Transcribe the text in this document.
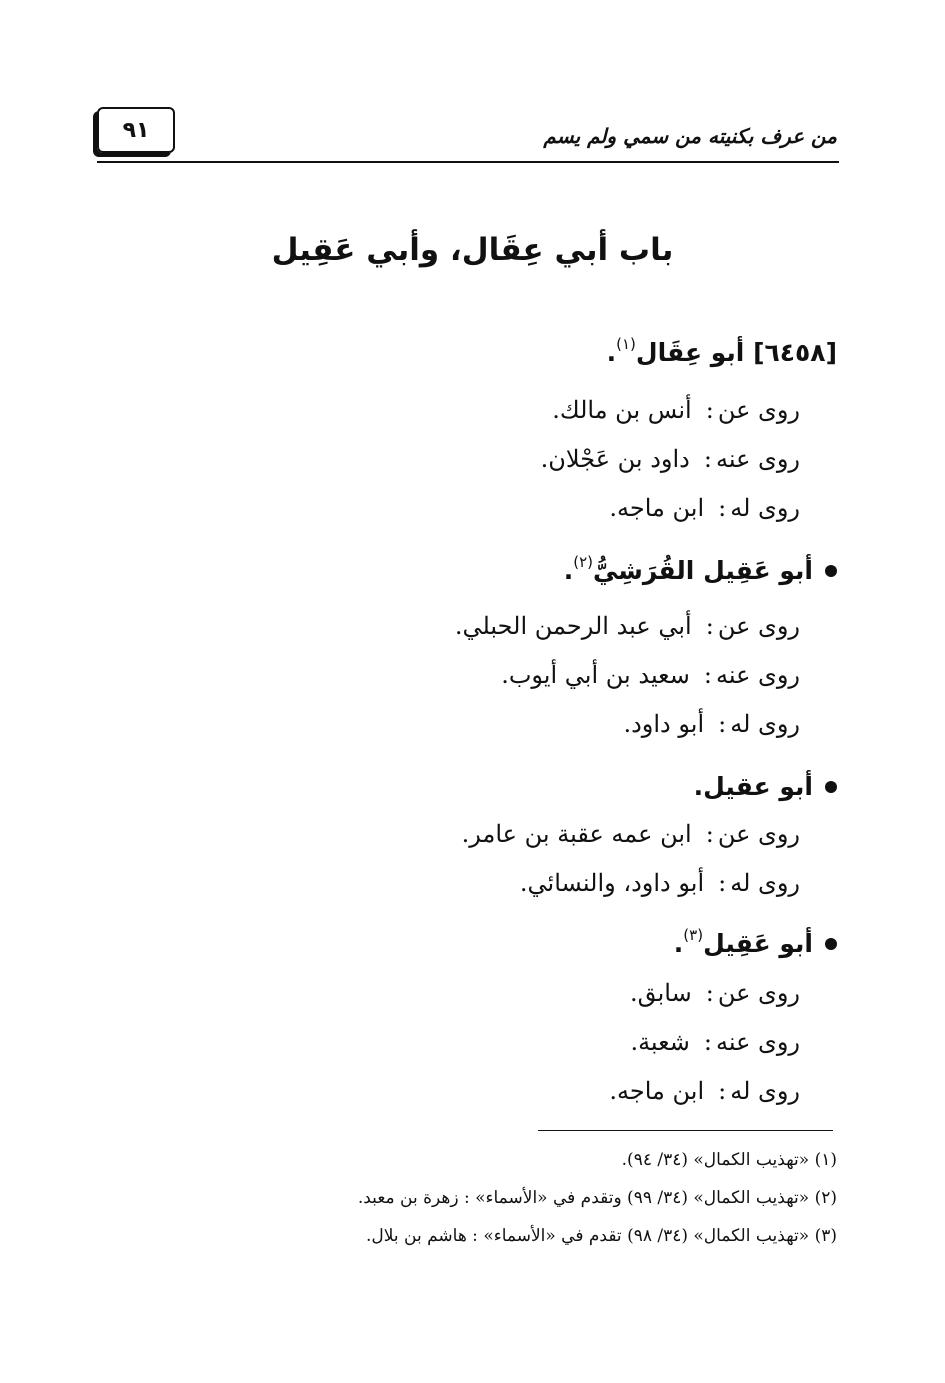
٩١	من عرف بكنيته من سمي ولم يسم
باب أبي عِقَال، وأبي عَقِيل
[٦٤٥٨] أبو عِقَال$^{(١)}$.
روى عن:أنس بن مالك.
روى عنه:داود بن عَجْلان.
روى له:ابن ماجه.
أبو عَقِيل القُرَشِيُّ$^{(٢)}$.
روى عن:أبي عبد الرحمن الحبلي.
روى عنه:سعيد بن أبي أيوب.
روى له:أبو داود.
أبو عقيل.
روى عن:ابن عمه عقبة بن عامر.
روى له:أبو داود، والنسائي.
أبو عَقِيل$^{(٣)}$.
روى عن:سابق.
روى عنه:شعبة.
روى له:ابن ماجه.
(١) «تهذيب الكمال» (٣٤/ ٩٤).
(٢) «تهذيب الكمال» (٣٤/ ٩٩) وتقدم في «الأسماء» : زهرة بن معبد.
(٣) «تهذيب الكمال» (٣٤/ ٩٨) تقدم في «الأسماء» : هاشم بن بلال.
